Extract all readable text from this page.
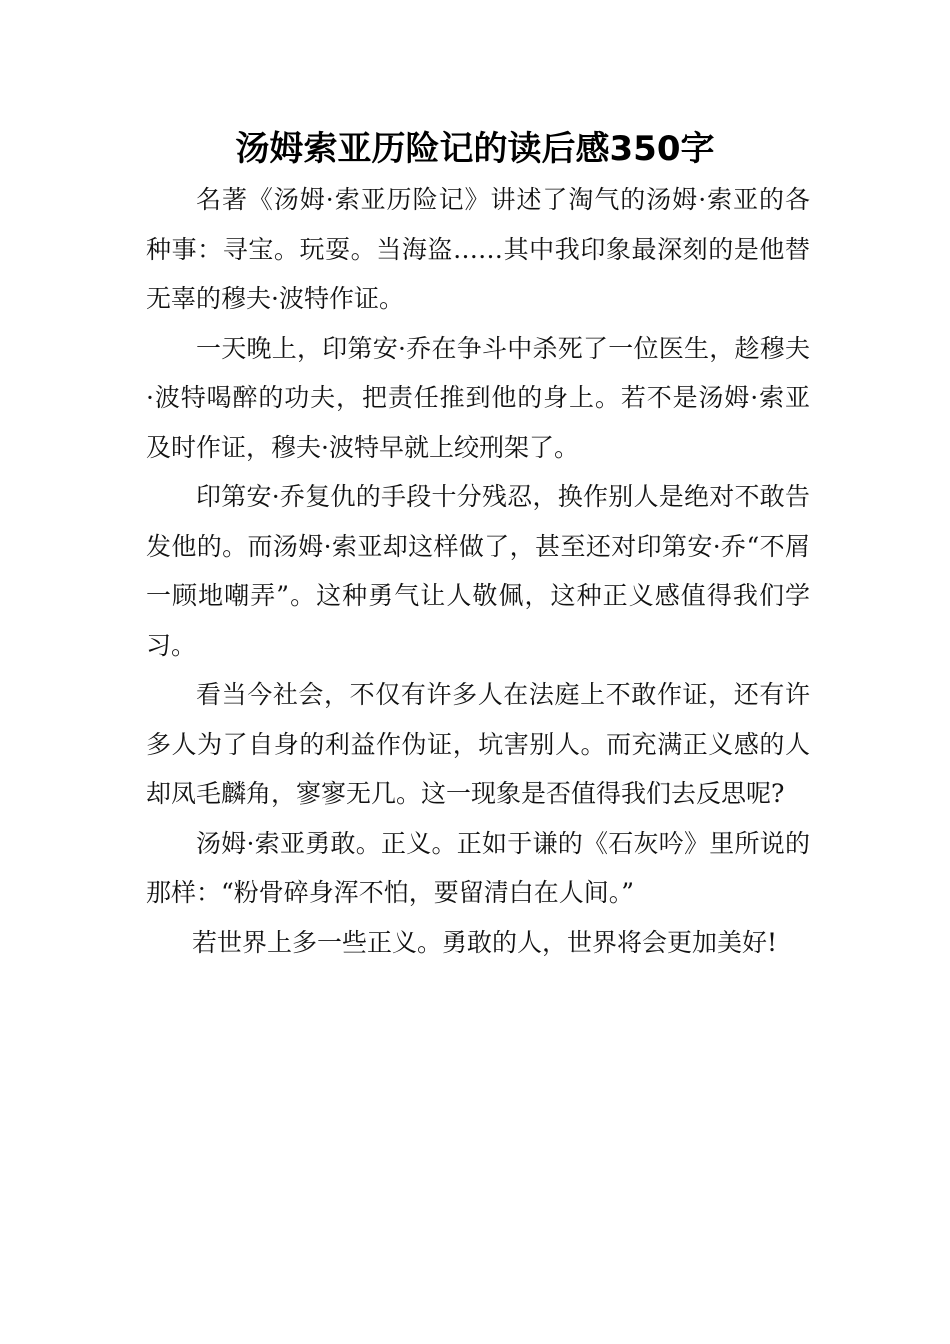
汤姆索亚历险记的读后感350字

名著《汤姆·索亚历险记》讲述了淘气的汤姆·索亚的各种事：寻宝。玩耍。当海盗……其中我印象最深刻的是他替无辜的穆夫·波特作证。

一天晚上，印第安·乔在争斗中杀死了一位医生，趁穆夫·波特喝醉的功夫，把责任推到他的身上。若不是汤姆·索亚及时作证，穆夫·波特早就上绞刑架了。

印第安·乔复仇的手段十分残忍，换作别人是绝对不敢告发他的。而汤姆·索亚却这样做了，甚至还对印第安·乔“不屑一顾地嘲弄”。这种勇气让人敬佩，这种正义感值得我们学习。

看当今社会，不仅有许多人在法庭上不敢作证，还有许多人为了自身的利益作伪证，坑害别人。而充满正义感的人却凤毛麟角，寥寥无几。这一现象是否值得我们去反思呢?

汤姆·索亚勇敢。正义。正如于谦的《石灰吟》里所说的那样：“粉骨碎身浑不怕，要留清白在人间。”

若世界上多一些正义。勇敢的人，世界将会更加美好!
